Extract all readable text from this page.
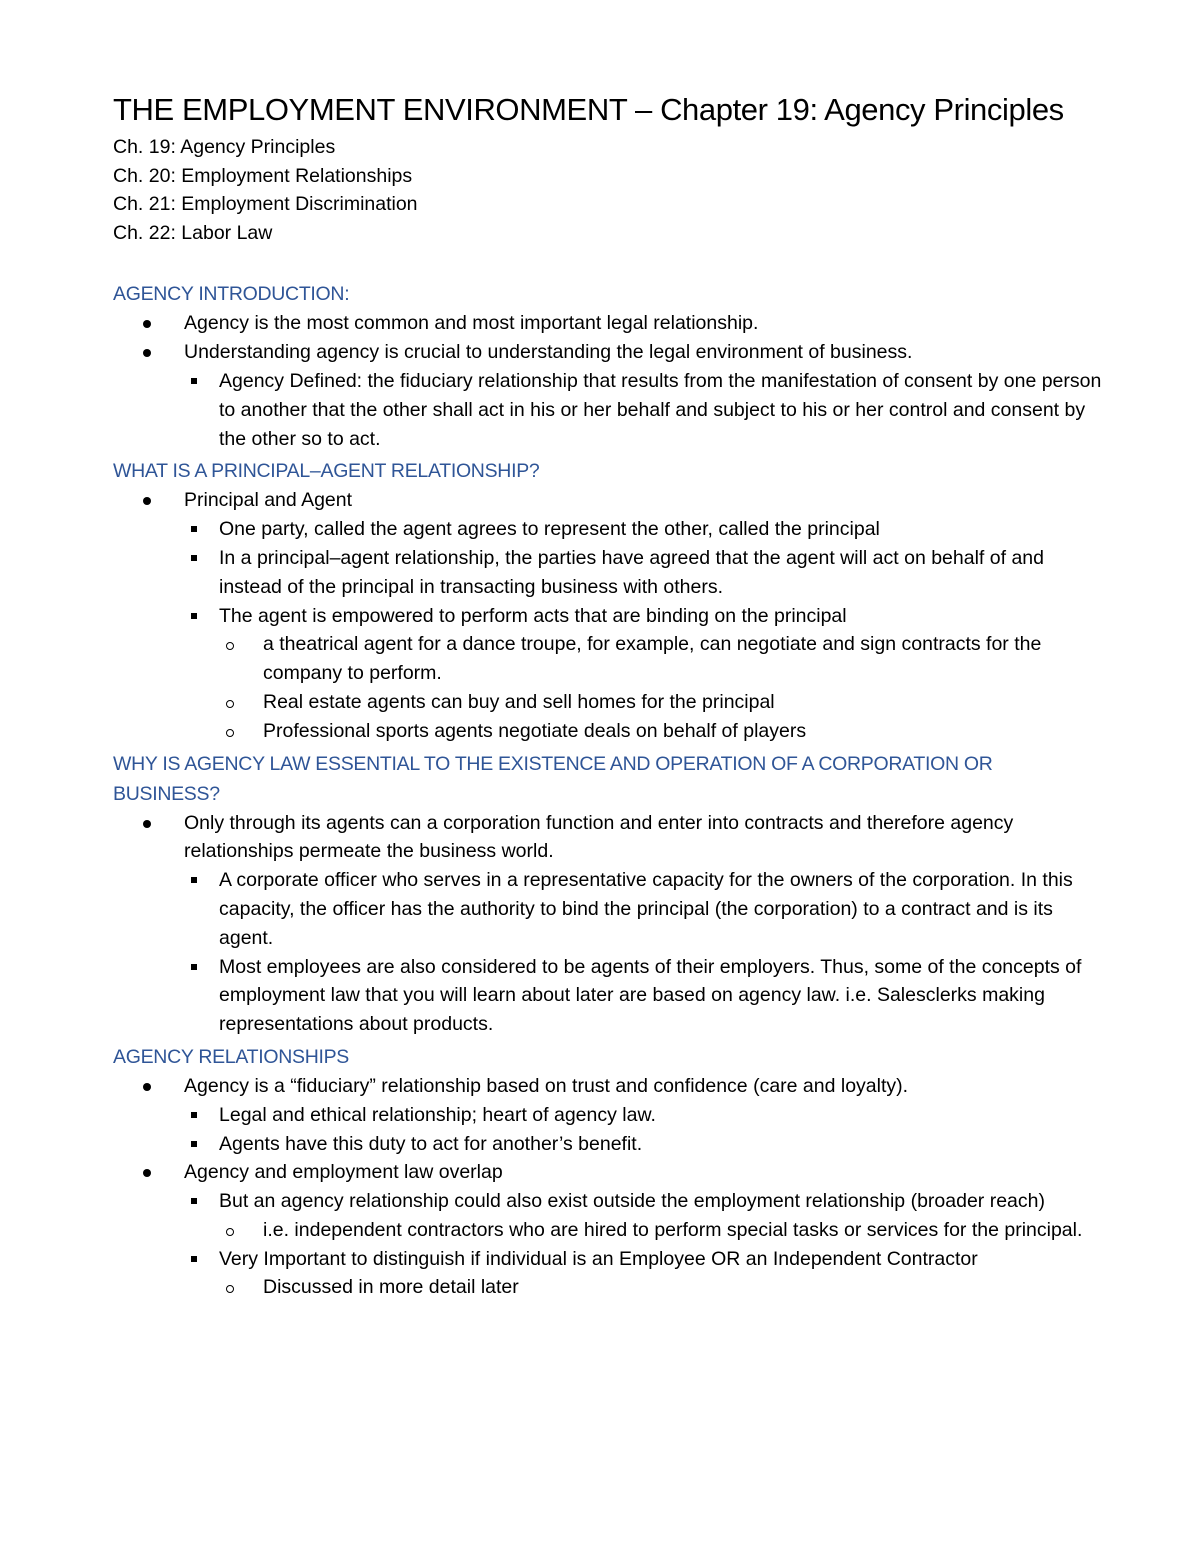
THE EMPLOYMENT ENVIRONMENT – Chapter 19: Agency Principles
Ch. 19: Agency Principles
Ch. 20: Employment Relationships
Ch. 21: Employment Discrimination
Ch. 22: Labor Law
AGENCY INTRODUCTION:
Agency is the most common and most important legal relationship.
Understanding agency is crucial to understanding the legal environment of business.
Agency Defined: the fiduciary relationship that results from the manifestation of consent by one person to another that the other shall act in his or her behalf and subject to his or her control and consent by the other so to act.
WHAT IS A PRINCIPAL–AGENT RELATIONSHIP?
Principal and Agent
One party, called the agent agrees to represent the other, called the principal
In a principal–agent relationship, the parties have agreed that the agent will act on behalf of and instead of the principal in transacting business with others.
The agent is empowered to perform acts that are binding on the principal
a theatrical agent for a dance troupe, for example, can negotiate and sign contracts for the company to perform.
Real estate agents can buy and sell homes for the principal
Professional sports agents negotiate deals on behalf of players
WHY IS AGENCY LAW ESSENTIAL TO THE EXISTENCE AND OPERATION OF A CORPORATION OR BUSINESS?
Only through its agents can a corporation function and enter into contracts and therefore agency relationships permeate the business world.
A corporate officer who serves in a representative capacity for the owners of the corporation. In this capacity, the officer has the authority to bind the principal (the corporation) to a contract and is its agent.
Most employees are also considered to be agents of their employers. Thus, some of the concepts of employment law that you will learn about later are based on agency law. i.e. Salesclerks making representations about products.
AGENCY RELATIONSHIPS
Agency is a “fiduciary” relationship based on trust and confidence (care and loyalty).
Legal and ethical relationship; heart of agency law.
Agents have this duty to act for another’s benefit.
Agency and employment law overlap
But an agency relationship could also exist outside the employment relationship (broader reach)
i.e. independent contractors who are hired to perform special tasks or services for the principal.
Very Important to distinguish if individual is an Employee OR an Independent Contractor
Discussed in more detail later
